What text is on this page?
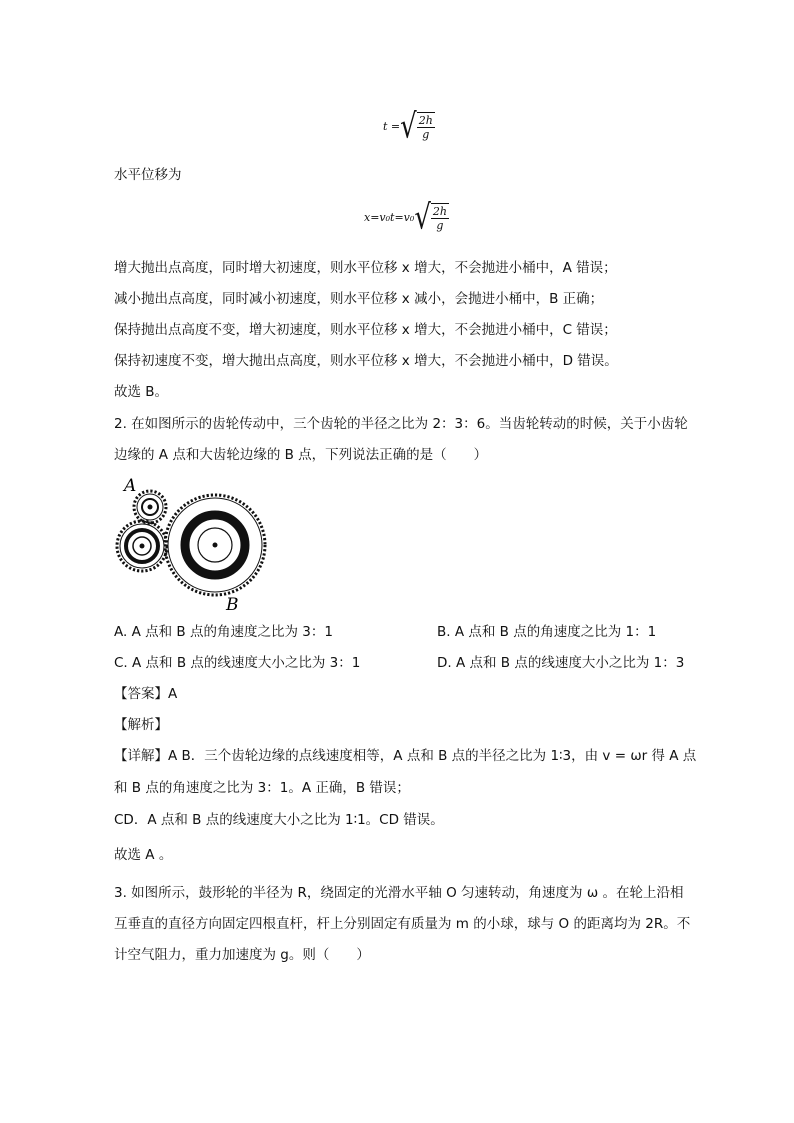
t = √ $\frac{2h}{g}$
水平位移为
x=v₀t=v₀ √ $\frac{2h}{g}$
增大抛出点高度，同时增大初速度，则水平位移 x 增大，不会抛进小桶中，A 错误；
减小抛出点高度，同时减小初速度，则水平位移 x 减小，会抛进小桶中，B 正确；
保持抛出点高度不变，增大初速度，则水平位移 x 增大，不会抛进小桶中，C 错误；
保持初速度不变，增大抛出点高度，则水平位移 x 增大，不会抛进小桶中，D 错误。
故选 B。
2. 在如图所示的齿轮传动中，三个齿轮的半径之比为 2：3：6。当齿轮转动的时候，关于小齿轮
边缘的 A 点和大齿轮边缘的 B 点，下列说法正确的是（　　）
A
B
A. A 点和 B 点的角速度之比为 3：1	B. A 点和 B 点的角速度之比为 1：1
C. A 点和 B 点的线速度大小之比为 3：1	D. A 点和 B 点的线速度大小之比为 1：3
【答案】A
【解析】
【详解】A B．三个齿轮边缘的点线速度相等，A 点和 B 点的半径之比为 1∶3，由 v = ωr 得 A 点
和 B 点的角速度之比为 3：1。A 正确，B 错误；
CD．A 点和 B 点的线速度大小之比为 1∶1。CD 错误。
故选 A 。
3. 如图所示，鼓形轮的半径为 R，绕固定的光滑水平轴 O 匀速转动，角速度为 ω 。在轮上沿相
互垂直的直径方向固定四根直杆，杆上分别固定有质量为 m 的小球，球与 O 的距离均为 2R。不
计空气阻力，重力加速度为 g。则（　　）
